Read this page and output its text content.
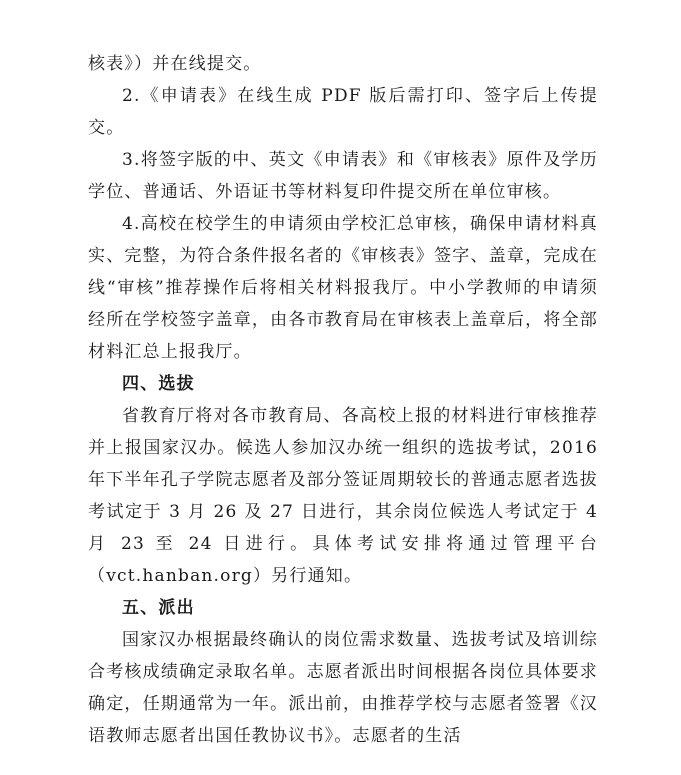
核表》）并在线提交。

2.《申请表》在线生成 PDF 版后需打印、签字后上传提交。

3.将签字版的中、英文《申请表》和《审核表》原件及学历学位、普通话、外语证书等材料复印件提交所在单位审核。

4.高校在校学生的申请须由学校汇总审核，确保申请材料真实、完整，为符合条件报名者的《审核表》签字、盖章，完成在线“审核”推荐操作后将相关材料报我厅。中小学教师的申请须经所在学校签字盖章，由各市教育局在审核表上盖章后，将全部材料汇总上报我厅。

四、选拔

省教育厅将对各市教育局、各高校上报的材料进行审核推荐并上报国家汉办。候选人参加汉办统一组织的选拔考试，2016 年下半年孔子学院志愿者及部分签证周期较长的普通志愿者选拔考试定于 3 月 26 及 27 日进行，其余岗位候选人考试定于 4 月 23 至 24 日进行。具体考试安排将通过管理平台（vct.hanban.org）另行通知。

五、派出

国家汉办根据最终确认的岗位需求数量、选拔考试及培训综合考核成绩确定录取名单。志愿者派出时间根据各岗位具体要求确定，任期通常为一年。派出前，由推荐学校与志愿者签署《汉语教师志愿者出国任教协议书》。志愿者的生活
